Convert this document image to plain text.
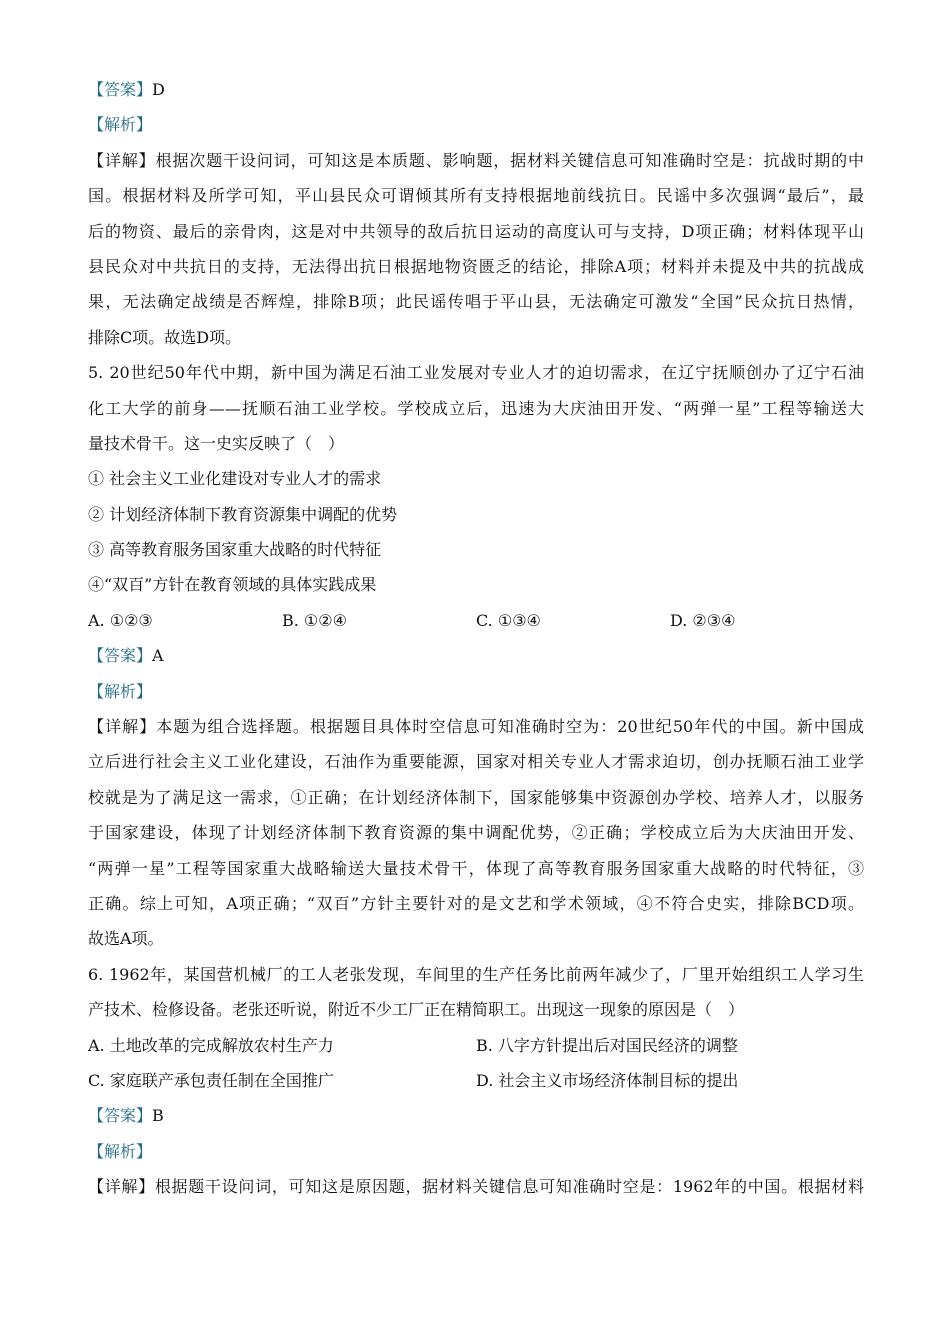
【答案】D
【解析】
【详解】根据次题干设问词，可知这是本质题、影响题，据材料关键信息可知准确时空是：抗战时期的中
国。根据材料及所学可知，平山县民众可谓倾其所有支持根据地前线抗日。民谣中多次强调“最后”，最
后的物资、最后的亲骨肉，这是对中共领导的敌后抗日运动的高度认可与支持，D项正确；材料体现平山
县民众对中共抗日的支持，无法得出抗日根据地物资匮乏的结论，排除A项；材料并未提及中共的抗战成
果，无法确定战绩是否辉煌，排除B项；此民谣传唱于平山县，无法确定可激发“全国”民众抗日热情，
排除C项。故选D项。
5. 20世纪50年代中期，新中国为满足石油工业发展对专业人才的迫切需求，在辽宁抚顺创办了辽宁石油
化工大学的前身——抚顺石油工业学校。学校成立后，迅速为大庆油田开发、“两弹一星”工程等输送大
量技术骨干。这一史实反映了（　）
① 社会主义工业化建设对专业人才的需求
② 计划经济体制下教育资源集中调配的优势
③ 高等教育服务国家重大战略的时代特征
④“双百”方针在教育领域的具体实践成果
A. ①②③	B. ①②④	C. ①③④	D. ②③④
【答案】A
【解析】
【详解】本题为组合选择题。根据题目具体时空信息可知准确时空为：20世纪50年代的中国。新中国成
立后进行社会主义工业化建设，石油作为重要能源，国家对相关专业人才需求迫切，创办抚顺石油工业学
校就是为了满足这一需求，①正确；在计划经济体制下，国家能够集中资源创办学校、培养人才，以服务
于国家建设，体现了计划经济体制下教育资源的集中调配优势，②正确；学校成立后为大庆油田开发、
“两弹一星”工程等国家重大战略输送大量技术骨干，体现了高等教育服务国家重大战略的时代特征，③
正确。综上可知，A项正确；“双百”方针主要针对的是文艺和学术领域，④不符合史实，排除BCD项。
故选A项。
6. 1962年，某国营机械厂的工人老张发现，车间里的生产任务比前两年减少了，厂里开始组织工人学习生
产技术、检修设备。老张还听说，附近不少工厂正在精简职工。出现这一现象的原因是（　）
A. 土地改革的完成解放农村生产力	B. 八字方针提出后对国民经济的调整
C. 家庭联产承包责任制在全国推广	D. 社会主义市场经济体制目标的提出
【答案】B
【解析】
【详解】根据题干设问词，可知这是原因题，据材料关键信息可知准确时空是：1962年的中国。根据材料
